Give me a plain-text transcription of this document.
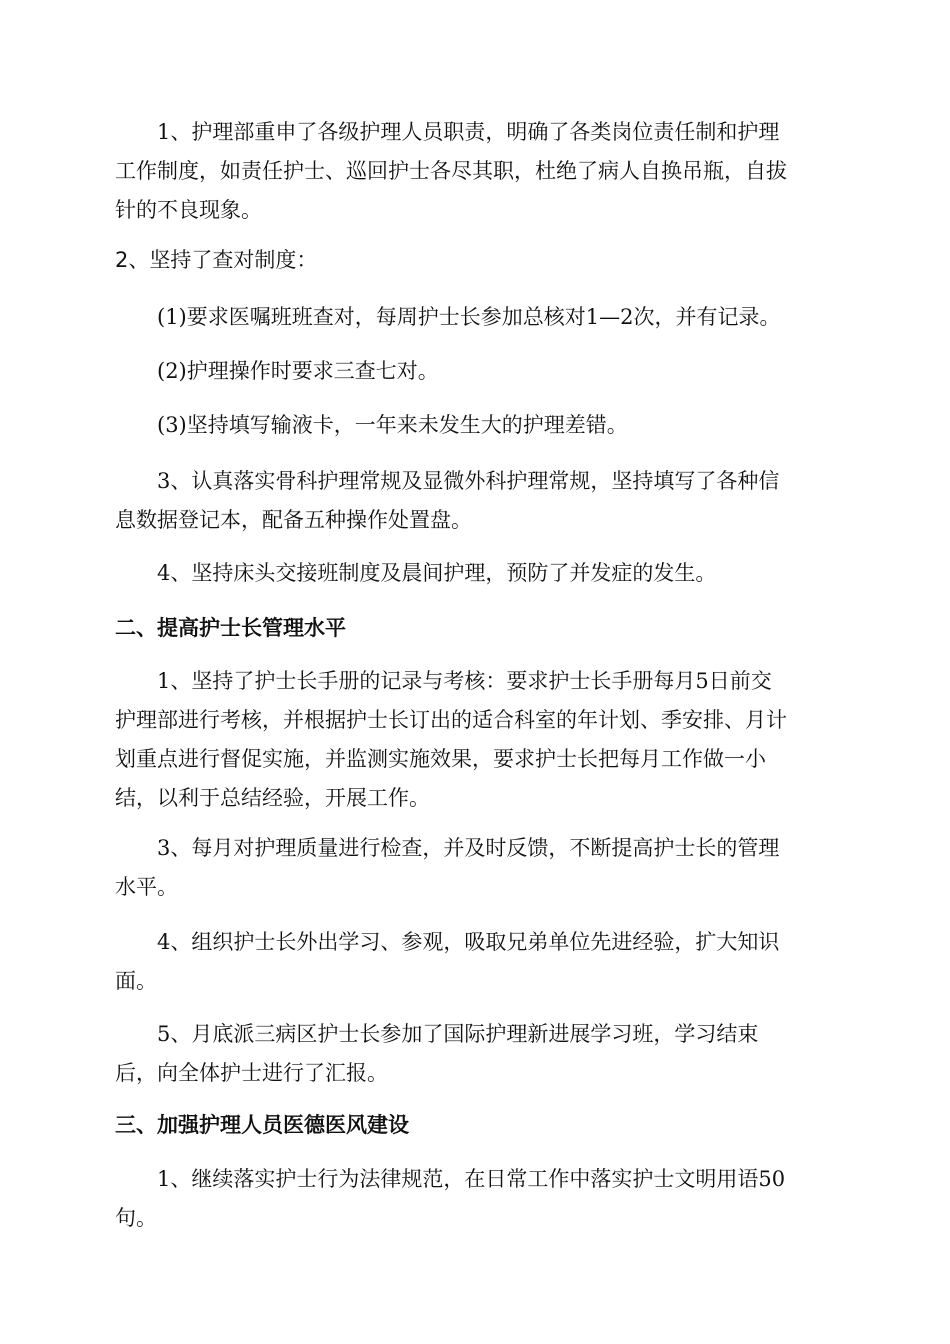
　　1、护理部重申了各级护理人员职责，明确了各类岗位责任制和护理
工作制度，如责任护士、巡回护士各尽其职，杜绝了病人自换吊瓶，自拔
针的不良现象。

2、坚持了查对制度：

　　(1)要求医嘱班班查对，每周护士长参加总核对1—2次，并有记录。

　　(2)护理操作时要求三查七对。

　　(3)坚持填写输液卡，一年来未发生大的护理差错。

　　3、认真落实骨科护理常规及显微外科护理常规，坚持填写了各种信
息数据登记本，配备五种操作处置盘。

　　4、坚持床头交接班制度及晨间护理，预防了并发症的发生。

二、提高护士长管理水平

　　1、坚持了护士长手册的记录与考核：要求护士长手册每月5日前交
护理部进行考核，并根据护士长订出的适合科室的年计划、季安排、月计
划重点进行督促实施，并监测实施效果，要求护士长把每月工作做一小
结，以利于总结经验，开展工作。

　　3、每月对护理质量进行检查，并及时反馈，不断提高护士长的管理
水平。

　　4、组织护士长外出学习、参观，吸取兄弟单位先进经验，扩大知识
面。

　　5、月底派三病区护士长参加了国际护理新进展学习班，学习结束
后，向全体护士进行了汇报。

三、加强护理人员医德医风建设

　　1、继续落实护士行为法律规范，在日常工作中落实护士文明用语50
句。
